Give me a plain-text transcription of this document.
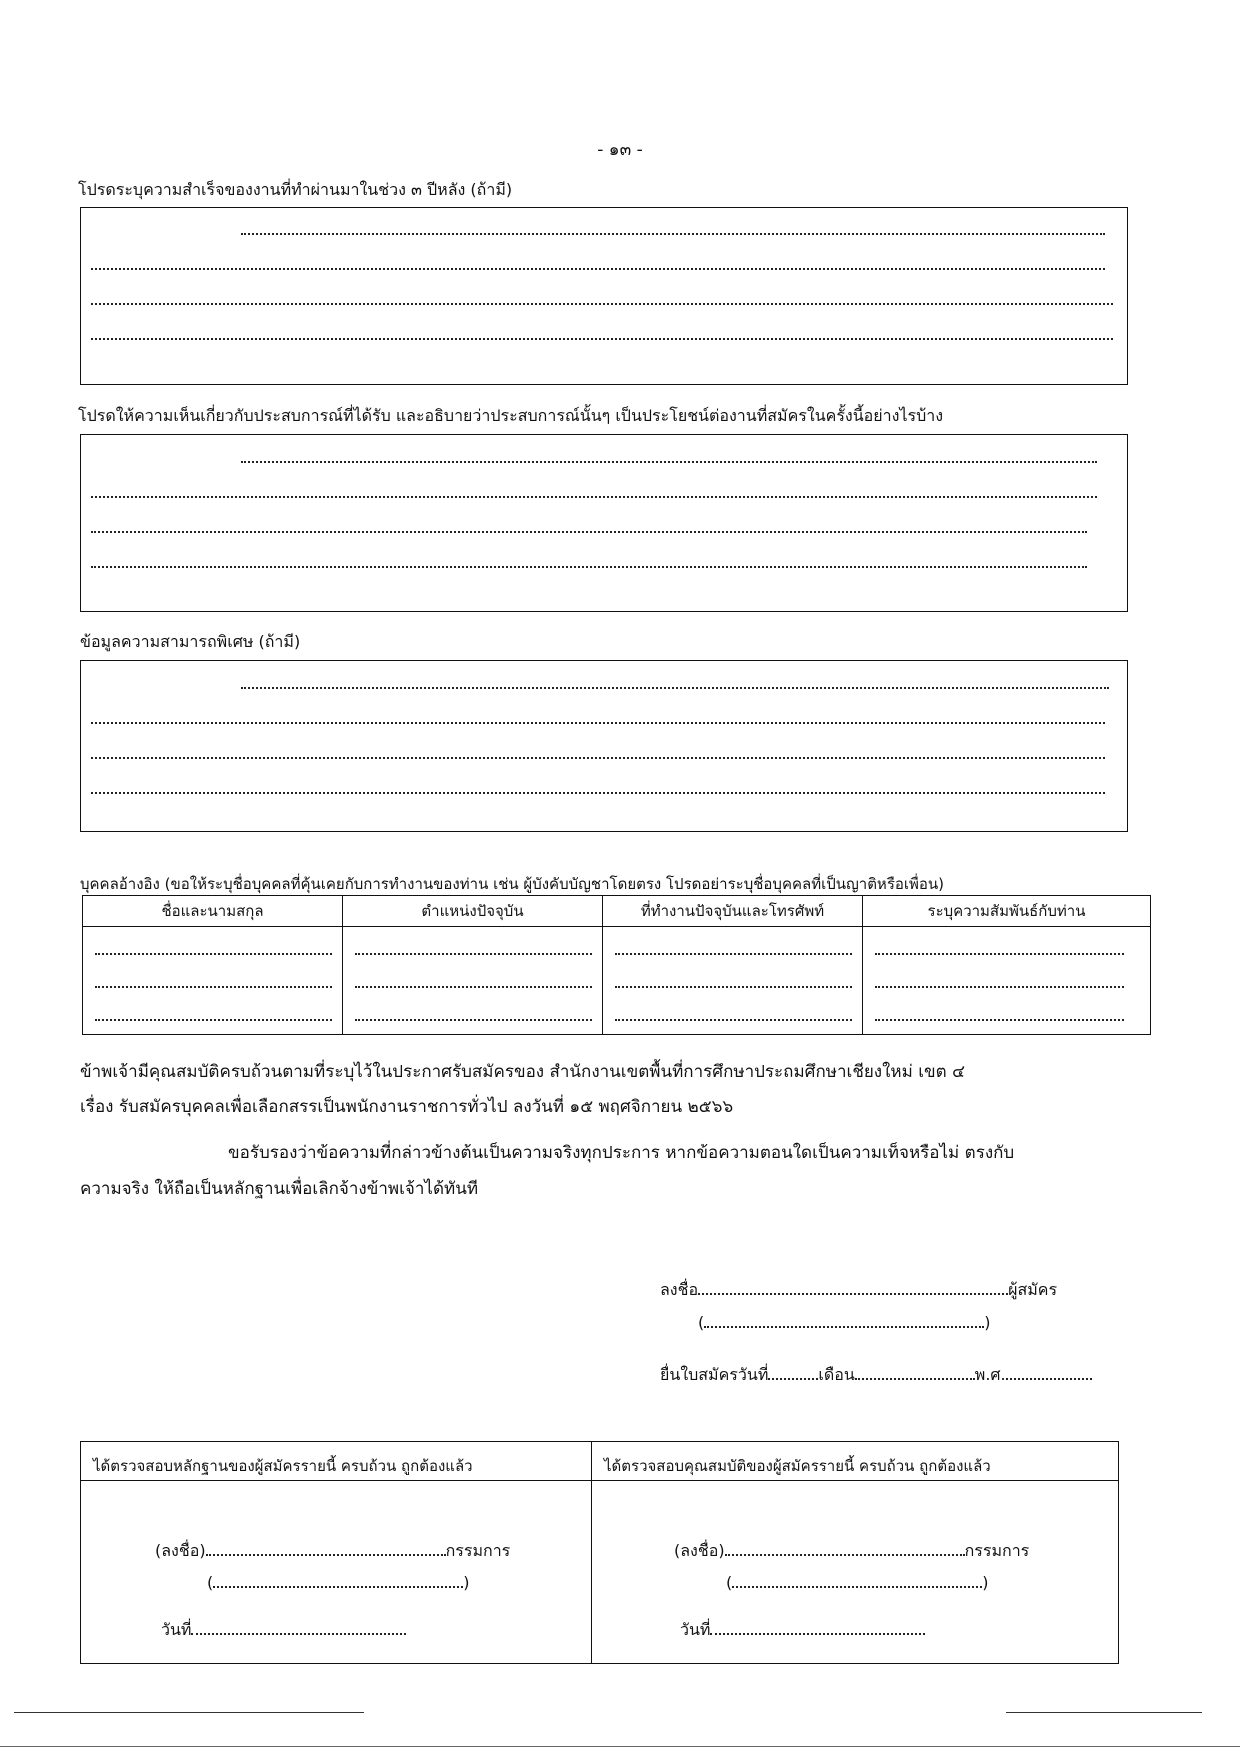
- ๑๓ -
โปรดระบุความสำเร็จของงานที่ทำผ่านมาในช่วง ๓ ปีหลัง (ถ้ามี)
โปรดให้ความเห็นเกี่ยวกับประสบการณ์ที่ได้รับ และอธิบายว่าประสบการณ์นั้นๆ เป็นประโยชน์ต่องานที่สมัครในครั้งนี้อย่างไรบ้าง
ข้อมูลความสามารถพิเศษ (ถ้ามี)
บุคคลอ้างอิง (ขอให้ระบุชื่อบุคคลที่คุ้นเคยกับการทำงานของท่าน เช่น ผู้บังคับบัญชาโดยตรง โปรดอย่าระบุชื่อบุคคลที่เป็นญาติหรือเพื่อน)
ชื่อและนามสกุล	ตำแหน่งปัจจุบัน	ที่ทำงานปัจจุบันและโทรศัพท์	ระบุความสัมพันธ์กับท่าน

ข้าพเจ้ามีคุณสมบัติครบถ้วนตามที่ระบุไว้ในประกาศรับสมัครของ สำนักงานเขตพื้นที่การศึกษาประถมศึกษาเชียงใหม่ เขต ๔
เรื่อง รับสมัครบุคคลเพื่อเลือกสรรเป็นพนักงานราชการทั่วไป ลงวันที่ ๑๕ พฤศจิกายน ๒๕๖๖
ขอรับรองว่าข้อความที่กล่าวข้างต้นเป็นความจริงทุกประการ หากข้อความตอนใดเป็นความเท็จหรือไม่ ตรงกับ
ความจริง ให้ถือเป็นหลักฐานเพื่อเลิกจ้างข้าพเจ้าได้ทันที
ลงชื่อ	ผู้สมัคร
(	)
ยื่นใบสมัครวันที่	เดือน	พ.ศ.
ได้ตรวจสอบหลักฐานของผู้สมัครรายนี้ ครบถ้วน ถูกต้องแล้ว
(ลงชื่อ)	กรรมการ
(	)
วันที่
ได้ตรวจสอบคุณสมบัติของผู้สมัครรายนี้ ครบถ้วน ถูกต้องแล้ว
(ลงชื่อ)	กรรมการ
(	)
วันที่
